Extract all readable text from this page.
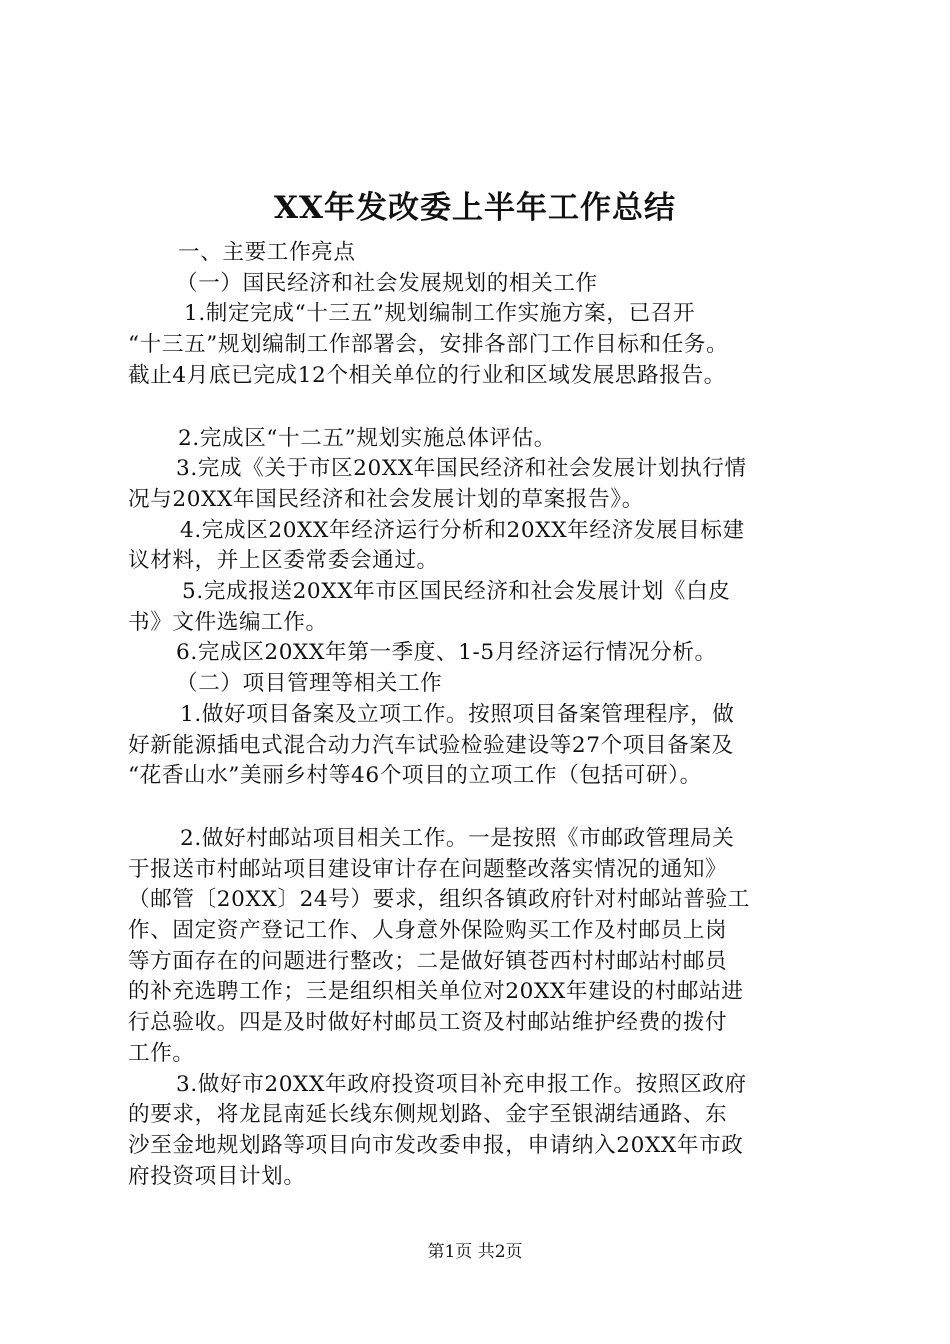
XX年发改委上半年工作总结

一、主要工作亮点

（一）国民经济和社会发展规划的相关工作

1.制定完成“十三五”规划编制工作实施方案，已召开

“十三五”规划编制工作部署会，安排各部门工作目标和任务。

截止4月底已完成12个相关单位的行业和区域发展思路报告。

2.完成区“十二五”规划实施总体评估。

3.完成《关于市区20XX年国民经济和社会发展计划执行情

况与20XX年国民经济和社会发展计划的草案报告》。

4.完成区20XX年经济运行分析和20XX年经济发展目标建

议材料，并上区委常委会通过。

5.完成报送20XX年市区国民经济和社会发展计划《白皮

书》文件选编工作。

6.完成区20XX年第一季度、1-5月经济运行情况分析。

（二）项目管理等相关工作

1.做好项目备案及立项工作。按照项目备案管理程序，做

好新能源插电式混合动力汽车试验检验建设等27个项目备案及

“花香山水”美丽乡村等46个项目的立项工作（包括可研）。

2.做好村邮站项目相关工作。一是按照《市邮政管理局关

于报送市村邮站项目建设审计存在问题整改落实情况的通知》

（邮管〔20XX〕24号）要求，组织各镇政府针对村邮站普验工

作、固定资产登记工作、人身意外保险购买工作及村邮员上岗

等方面存在的问题进行整改；二是做好镇苍西村村邮站村邮员

的补充选聘工作；三是组织相关单位对20XX年建设的村邮站进

行总验收。四是及时做好村邮员工资及村邮站维护经费的拨付

工作。

3.做好市20XX年政府投资项目补充申报工作。按照区政府

的要求，将龙昆南延长线东侧规划路、金宇至银湖结通路、东

沙至金地规划路等项目向市发改委申报，申请纳入20XX年市政

府投资项目计划。

第1页 共2页
